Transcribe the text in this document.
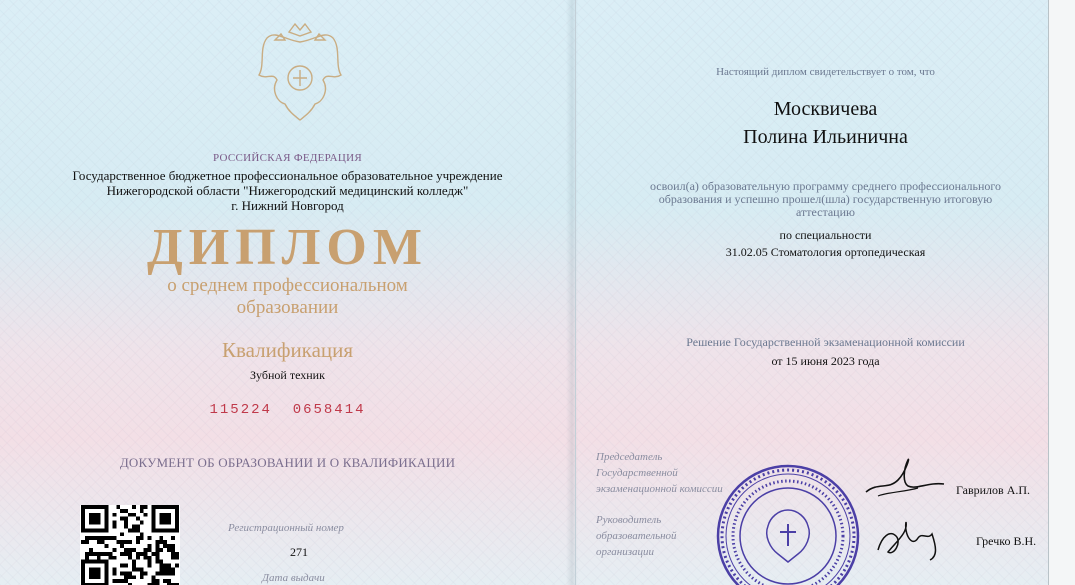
РОССИЙСКАЯ ФЕДЕРАЦИЯ
Государственное бюджетное профессиональное образовательное учреждение
Нижегородской области "Нижегородский медицинский колледж"
г. Нижний Новгород
ДИПЛОМ
о среднем профессиональном
образовании
Квалификация
Зубной техник
115224  0658414
ДОКУМЕНТ ОБ ОБРАЗОВАНИИ И О КВАЛИФИКАЦИИ
Регистрационный номер
271
Дата выдачи
Настоящий диплом свидетельствует о том, что
Москвичева
Полина Ильинична
освоил(а) образовательную программу среднего профессионального
образования и успешно прошел(шла) государственную итоговую
аттестацию
по специальности
31.02.05 Стоматология ортопедическая
Решение Государственной экзаменационной комиссии
от 15 июня 2023 года
Председатель
Государственной
экзаменационной комиссии
Руководитель образовательной
организации
Гаврилов А.П.
Гречко В.Н.
